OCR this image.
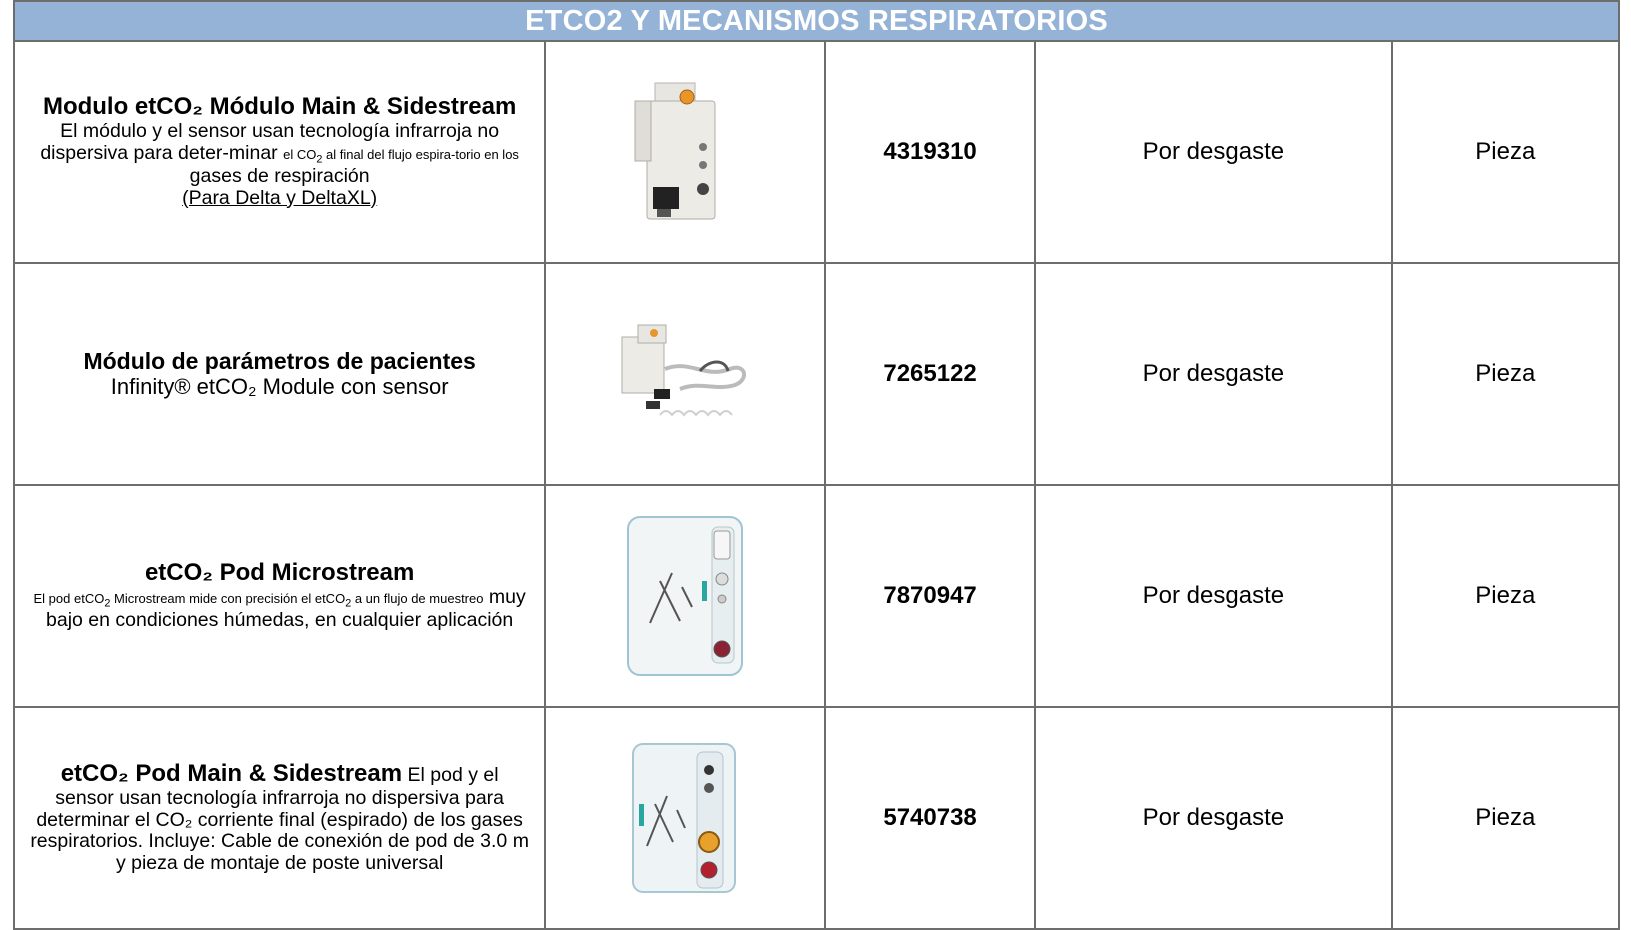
ETCO2 Y MECANISMOS RESPIRATORIOS				

Modulo etCO₂ Módulo Main & Sidestream
El módulo y el sensor usan tecnología infrarroja no
dispersiva para deter-minar el $CO_2$ al final del flujo espira-torio en los
gases de respiración
(Para Delta y DeltaXL)		4319310	Por desgaste	Pieza

Módulo de parámetros de pacientes
Infinity® etCO₂ Module con sensor		7265122	Por desgaste	Pieza

etCO₂ Pod Microstream
El pod etCO$_2$ Microstream mide con precisión el etCO$_2$ a un flujo de muestreo muy
bajo en condiciones húmedas, en cualquier aplicación		7870947	Por desgaste	Pieza

etCO₂ Pod Main & Sidestream El pod y el
sensor usan tecnología infrarroja no dispersiva para
determinar el CO₂ corriente final (espirado) de los gases
respiratorios. Incluye: Cable de conexión de pod de 3.0 m
y pieza de montaje de poste universal		5740738	Por desgaste	Pieza
